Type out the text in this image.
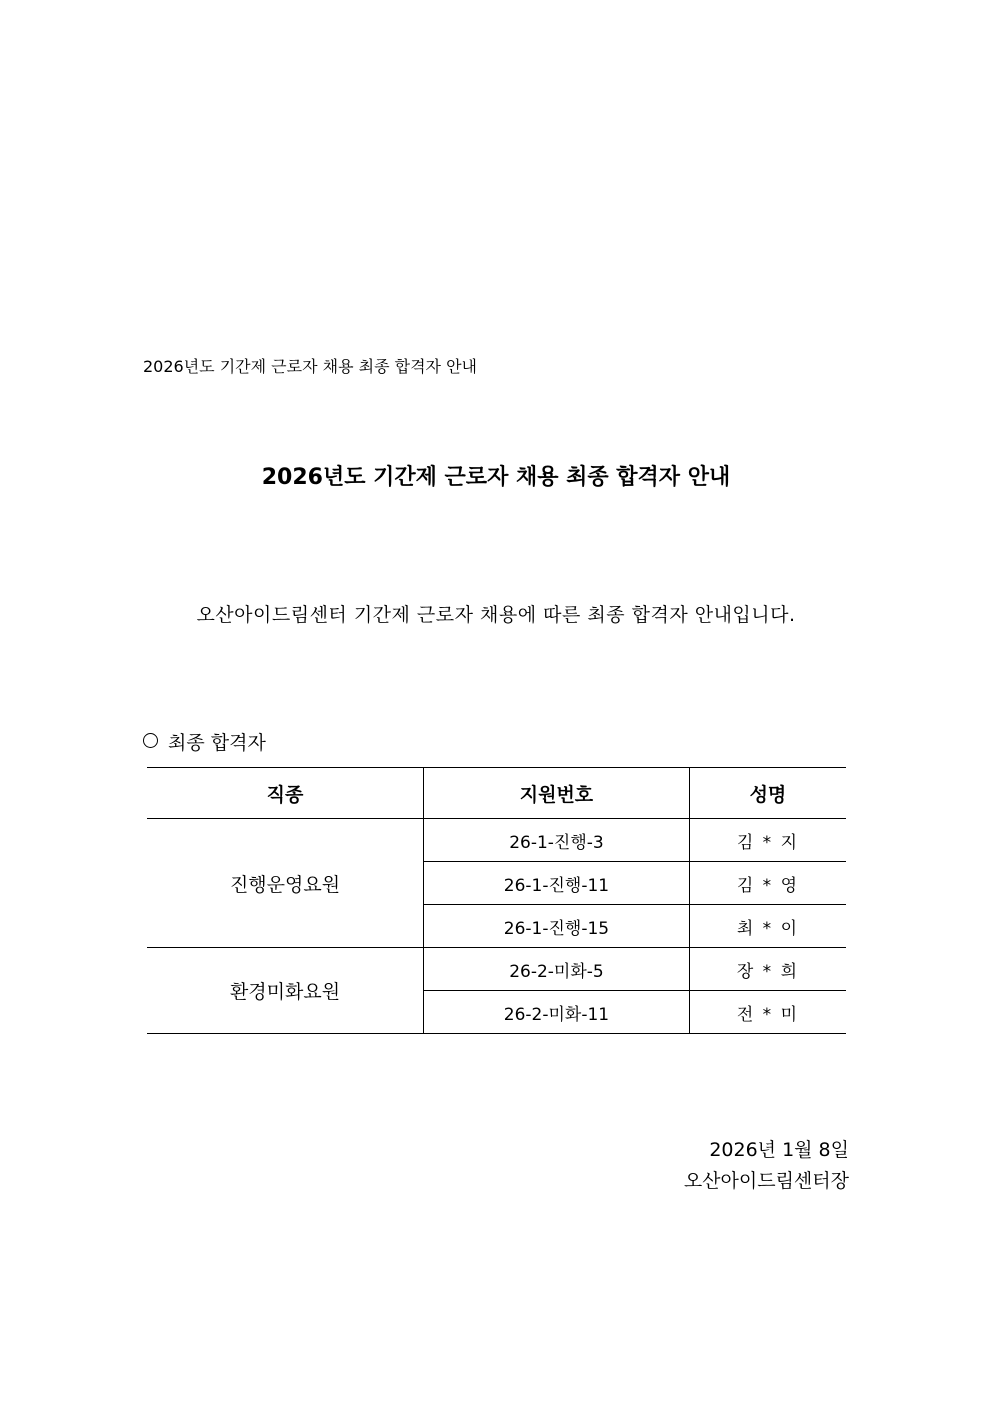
2026년도 기간제 근로자 채용 최종 합격자 안내
2026년도 기간제 근로자 채용 최종 합격자 안내
오산아이드림센터 기간제 근로자 채용에 따른 최종 합격자 안내입니다.
최종 합격자
직종	지원번호	성명
진행운영요원	26-1-진행-3	김 * 지
	26-1-진행-11	김 * 영
	26-1-진행-15	최 * 이
환경미화요원	26-2-미화-5	장 * 희
	26-2-미화-11	전 * 미
2026년 1월 8일
오산아이드림센터장
